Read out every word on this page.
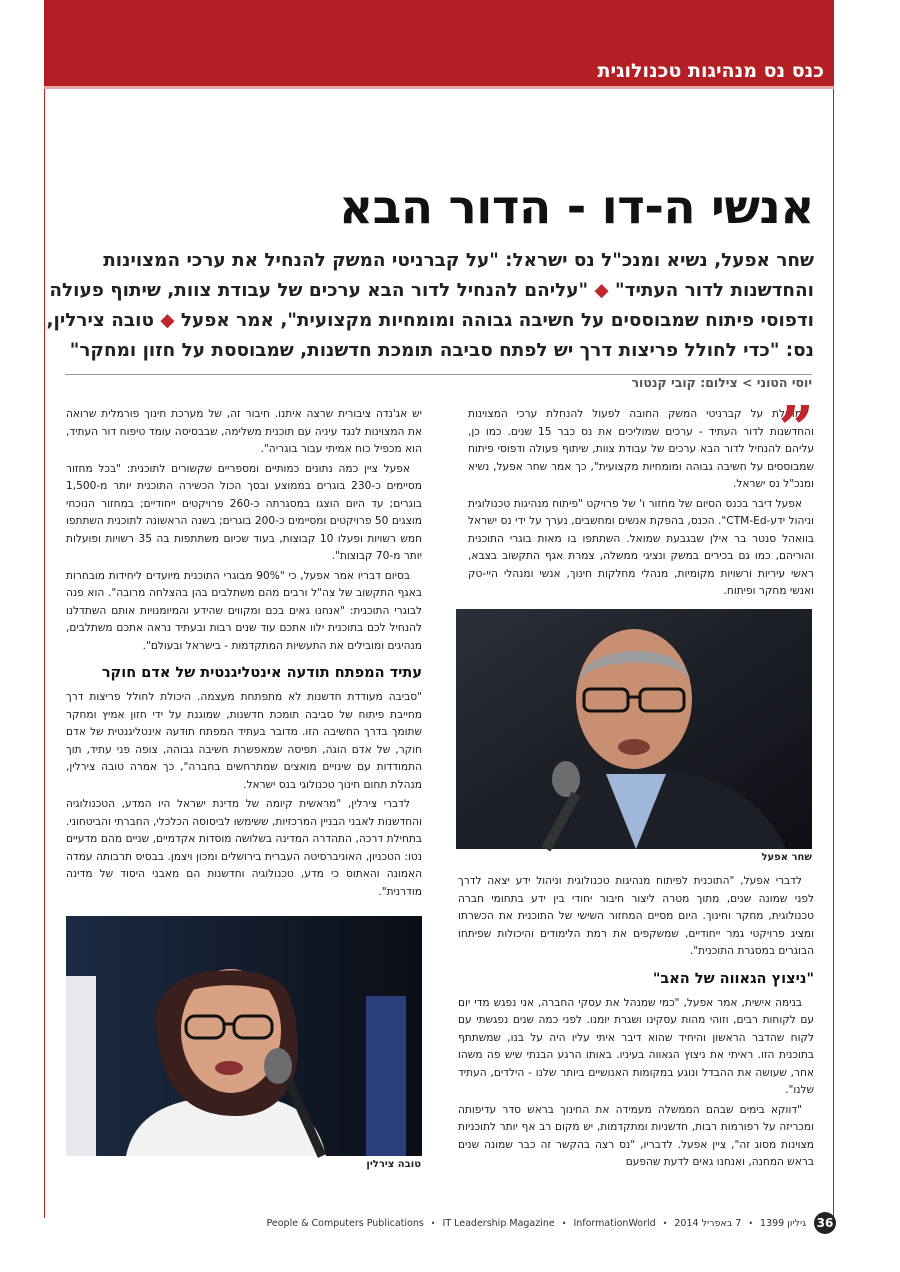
כנס נס מנהיגות טכנולוגית
אנשי ה-דו - הדור הבא
שחר אפעל, נשיא ומנכ"ל נס ישראל: "על קברניטי המשק להנחיל את ערכי המצוינות
והחדשנות לדור העתיד" ◆ "עליהם להנחיל לדור הבא ערכים של עבודת צוות, שיתוף פעולה
ודפוסי פיתוח שמבוססים על חשיבה גבוהה ומומחיות מקצועית", אמר אפעל ◆ טובה צירלין,
נס: "כדי לחולל פריצות דרך יש לפתח סביבה תומכת חדשנות, שמבוססת על חזון ומחקר"
יוסי הטוני > צילום: קובי קנטור
”

מוטלת על קברניטי המשק החובה לפעול להנחלת ערכי המצוינות והחדשנות לדור העתיד - ערכים שמוליכים את נס כבר 15 שנים. כמו כן, עליהם להנחיל לדור הבא ערכים של עבודת צוות, שיתוף פעולה ודפוסי פיתוח שמבוססים על חשיבה גבוהה ומומחיות מקצועית", כך אמר שחר אפעל, נשיא ומנכ"ל נס ישראל.

אפעל דיבר בכנס הסיום של מחזור ו' של פרויקט "פיתוח מנהיגות טכנולוגית וניהול ידע-CTM-Ed". הכנס, בהפקת אנשים ומחשבים, נערך על ידי נס ישראל בוואהל סנטר בר אילן שבגבעת שמואל. השתתפו בו מאות בוגרי התוכנית והוריהם, כמו גם בכירים במשק ונציגי ממשלה, צמרת אגף התקשוב בצבא, ראשי עיריות ורשויות מקומיות, מנהלי מחלקות חינוך, אנשי ומנהלי היי-טק ואנשי מחקר ופיתוח.

שחר אפעל

לדברי אפעל, "התוכנית לפיתוח מנהיגות טכנולוגית וניהול ידע יצאה לדרך לפני שמונה שנים, מתוך מטרה ליצור חיבור יחודי בין ידע בתחומי חברה טכנולוגית, מחקר וחינוך. היום מסיים המחזור השישי של התוכנית את הכשרתו ומציג פרויקטי גמר ייחודיים, שמשקפים את רמת הלימודים והיכולות שפיתחו הבוגרים במסגרת התוכנית".

"ניצוץ הגאווה של האב"

בנימה אישית, אמר אפעל, "כמי שמנהל את עסקי החברה, אני נפגש מדי יום עם לקוחות רבים, וזוהי מהות עסקינו ושגרת יומנו. לפני כמה שנים נפגשתי עם לקוח שהדבר הראשון והיחיד שהוא דיבר איתי עליו היה על בנו, שמשתתף בתוכנית הזו. ראיתי את ניצוץ הגאווה בעיניו. באותו הרגע הבנתי שיש פה משהו אחר, שעושה את ההבדל ונוגע במקומות האנושיים ביותר שלנו - הילדים, העתיד שלנו".

"דווקא בימים שבהם הממשלה מעמידה את החינוך בראש סדר עדיפותה ומכריזה על רפורמות רבות, חדשניות ומתקדמות, יש מקום רב אף יותר לתוכניות מצוינות מסוג זה", ציין אפעל. לדבריו, "נס רצה בהקשר זה כבר שמונה שנים בראש המחנה, ואנחנו גאים לדעת שהפעם

יש אג'נדה ציבורית שרצה איתנו. חיבור זה, של מערכת חינוך פורמלית שרואה את המצוינות לנגד עיניה עם תוכנית משלימה, שבבסיסה עומד טיפוח דור העתיד, הוא מכפיל כוח אמיתי עבור בוגריה".

אפעל ציין כמה נתונים כמותיים ומספריים שקשורים לתוכנית: "בכל מחזור מסיימים כ-230 בוגרים בממוצע ובסך הכול הכשירה התוכנית יותר מ-1,500 בוגרים; עד היום הוצגו במסגרתה כ-260 פרויקטים ייחודיים; במחזור הנוכחי מוצגים 50 פרויקטים ומסיימים כ-200 בוגרים; בשנה הראשונה לתוכנית השתתפו חמש רשויות ופעלו 10 קבוצות, בעוד שכיום משתתפות בה 35 רשויות ופועלות יותר מ-70 קבוצות".

בסיום דבריו אמר אפעל, כי "90% מבוגרי התוכנית מיועדים ליחידות מובחרות באגף התקשוב של צה"ל ורבים מהם משתלבים בהן בהצלחה מרובה". הוא פנה לבוגרי התוכנית: "אנחנו גאים בכם ומקווים שהידע והמיומנויות אותם השתדלנו להנחיל לכם בתוכנית ילוו אתכם עוד שנים רבות ובעתיד נראה אתכם משתלבים, מנהיגים ומובילים את התעשיות המתקדמות - בישראל ובעולם".

עתיד המפתח תודעה אינטליגנטית של אדם חוקר

"סביבה מעודדת חדשנות לא מתפתחת מעצמה. היכולת לחולל פריצות דרך מחייבת פיתוח של סביבה תומכת חדשנות, שמוגנת על ידי חזון אמיץ ומחקר שתומך בדרך החשיבה הזו. מדובר בעתיד המפתח תודעה אינטליגנטית של אדם חוקר, של אדם הוגה, תפיסה שמאפשרת חשיבה גבוהה, צופה פני עתיד, תוך התמודדות עם שינויים מואצים שמתרחשים בחברה", כך אמרה טובה צירלין, מנהלת תחום חינוך טכנולוגי בנס ישראל.

לדברי צירלין, "מראשית קיומה של מדינת ישראל היו המדע, הטכנולוגיה והחדשנות לאבני הבניין המרכזיות, ששימשו לביסוסה הכלכלי, החברתי והביטחוני. בתחילת דרכה, התהדרה המדינה בשלושה מוסדות אקדמיים, שניים מהם מדעיים נטו: הטכניון, האוניברסיטה העברית בירושלים ומכון ויצמן. בבסיס תרבותה עמדה האמונה והאתוס כי מדע, טכנולוגיה וחדשנות הם מאבני היסוד של מדינה מודרנית".

טובה צירלין
36
גיליון 1399
•
7 באפריל 2014
•
InformationWorld
•
IT Leadership Magazine
•
People & Computers Publications
